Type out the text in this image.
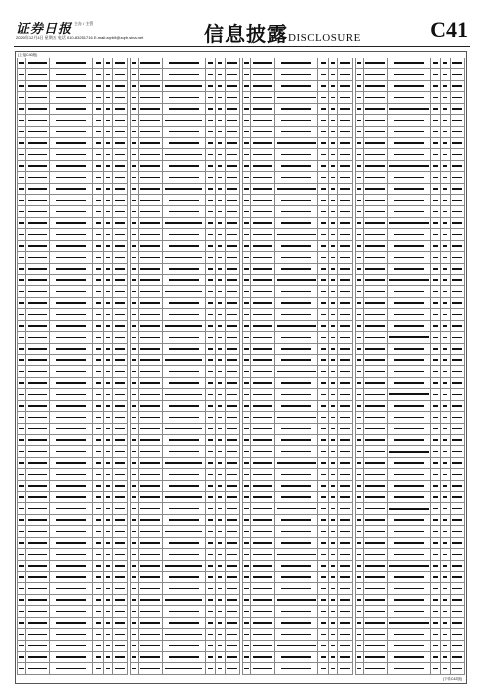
证券日报 主办 / 主管
2020年12月4日 星期五 电话 010-83251716 E-mail:zqrb9@zqrb.sina.net	信息披露DISCLOSURE	C41
(上接C40版)
(下转C42版)
